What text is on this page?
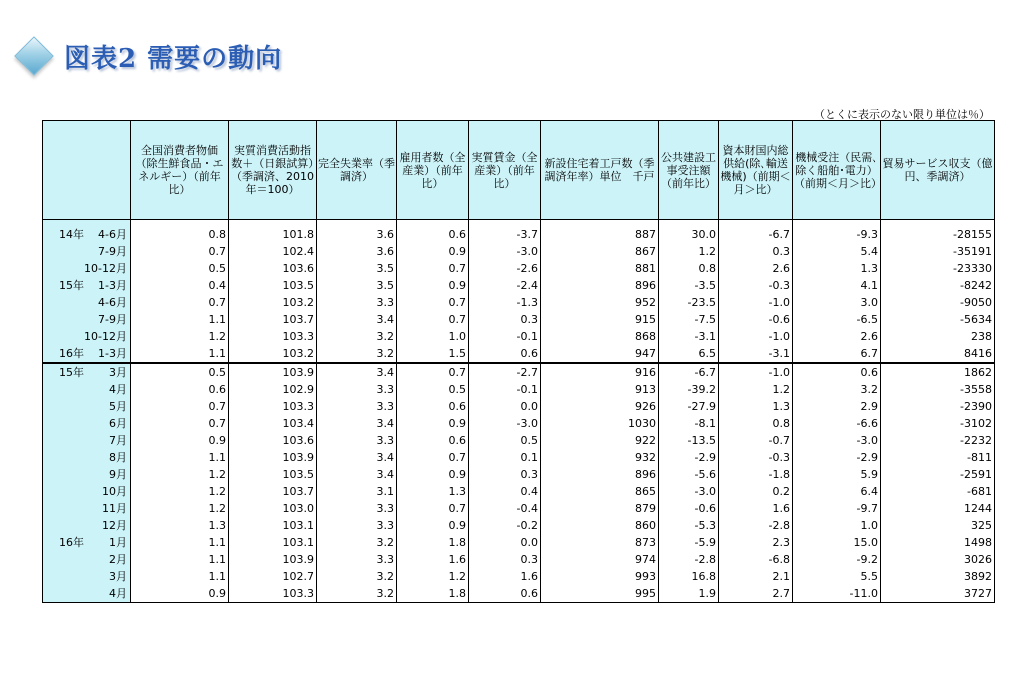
図表2 需要の動向
（とくに表示のない限り単位は％）
	全国消費者物価（除生鮮食品・エネルギー）（前年比）	実質消費活動指数＋（日銀試算）（季調済、2010年＝100）	完全失業率（季調済）	雇用者数（全産業）（前年比）	実質賃金（全産業）（前年比）	新設住宅着工戸数（季調済年率）単位　千戸	公共建設工事受注額（前年比）	資本財国内総供給(除､輸送機械)（前期＜月＞比）	機械受注（民需､除く船舶･電力）（前期＜月＞比）	貿易サービス収支（億円、季調済）

14年 4-6月	0.8	101.8	3.6	0.6	-3.7	887	30.0	-6.7	-9.3	-28155

7-9月	0.7	102.4	3.6	0.9	-3.0	867	1.2	0.3	5.4	-35191

10-12月	0.5	103.6	3.5	0.7	-2.6	881	0.8	2.6	1.3	-23330

15年 1-3月	0.4	103.5	3.5	0.9	-2.4	896	-3.5	-0.3	4.1	-8242

4-6月	0.7	103.2	3.3	0.7	-1.3	952	-23.5	-1.0	3.0	-9050

7-9月	1.1	103.7	3.4	0.7	0.3	915	-7.5	-0.6	-6.5	-5634

10-12月	1.2	103.3	3.2	1.0	-0.1	868	-3.1	-1.0	2.6	238

16年 1-3月	1.1	103.2	3.2	1.5	0.6	947	6.5	-3.1	6.7	8416

15年 3月	0.5	103.9	3.4	0.7	-2.7	916	-6.7	-1.0	0.6	1862

4月	0.6	102.9	3.3	0.5	-0.1	913	-39.2	1.2	3.2	-3558

5月	0.7	103.3	3.3	0.6	0.0	926	-27.9	1.3	2.9	-2390

6月	0.7	103.4	3.4	0.9	-3.0	1030	-8.1	0.8	-6.6	-3102

7月	0.9	103.6	3.3	0.6	0.5	922	-13.5	-0.7	-3.0	-2232

8月	1.1	103.9	3.4	0.7	0.1	932	-2.9	-0.3	-2.9	-811

9月	1.2	103.5	3.4	0.9	0.3	896	-5.6	-1.8	5.9	-2591

10月	1.2	103.7	3.1	1.3	0.4	865	-3.0	0.2	6.4	-681

11月	1.2	103.0	3.3	0.7	-0.4	879	-0.6	1.6	-9.7	1244

12月	1.3	103.1	3.3	0.9	-0.2	860	-5.3	-2.8	1.0	325

16年 1月	1.1	103.1	3.2	1.8	0.0	873	-5.9	2.3	15.0	1498

2月	1.1	103.9	3.3	1.6	0.3	974	-2.8	-6.8	-9.2	3026

3月	1.1	102.7	3.2	1.2	1.6	993	16.8	2.1	5.5	3892

4月	0.9	103.3	3.2	1.8	0.6	995	1.9	2.7	-11.0	3727
